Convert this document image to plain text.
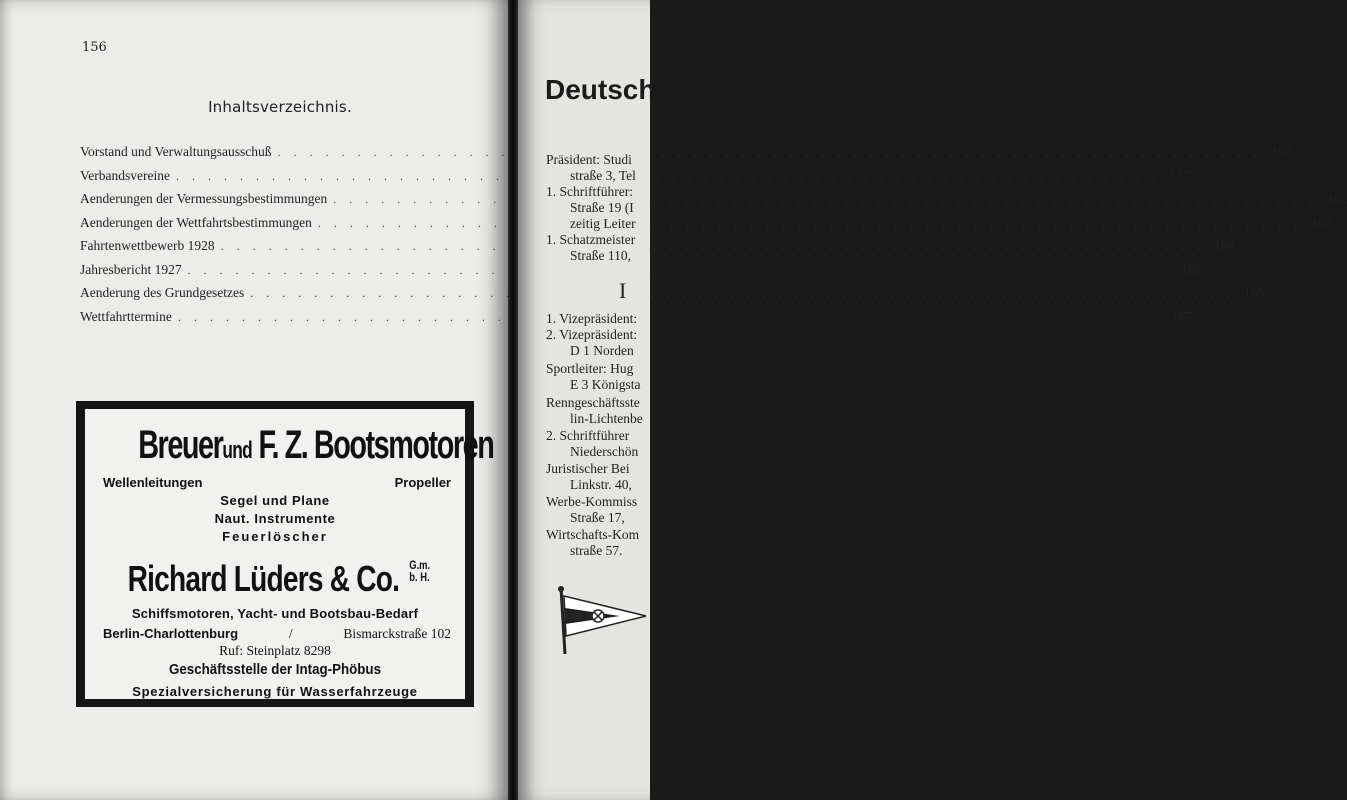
156
Inhaltsverzeichnis.
Vorstand und Verwaltungsausschuß . . .	157
Verbandsvereine . . .	157
Aenderungen der Vermessungsbestimmungen . . .	162
Aenderungen der Wettfahrtsbestimmungen . . .	163
Fahrtenwettbewerb 1928 . . .	164
Jahresbericht 1927 . . .	165
Aenderung des Grundgesetzes . . .	166
Wettfahrttermine . . .	167
Breuerund F. Z. Bootsmotoren
Wellenleitungen	Propeller
Segel und Plane
Naut. Instrumente
Feuerlöscher
Richard Lüders & Co. G.m.
b. H.
Schiffsmotoren, Yacht- und Bootsbau-Bedarf
Berlin-Charlottenburg	/	Bismarckstraße 102
Ruf: Steinplatz 8298
Geschäftsstelle der Intag-Phöbus
Spezialversicherung für Wasserfahrzeuge
Deutsche
Präsident: Studi
straße 3, Tel
1. Schriftführer:
Straße 19 (I
zeitig Leiter
1. Schatzmeister
Straße 110,
I
1. Vizepräsident:
2. Vizepräsident:
D 1 Norden
Sportleiter: Hug
E 3 Königsta
Renngeschäftsste
lin-Lichtenbe
2. Schriftführer
Niederschön
Juristischer Bei
Linkstr. 40,
Werbe-Kommiss
Straße 17,
Wirtschafts-Kom
straße 57.
